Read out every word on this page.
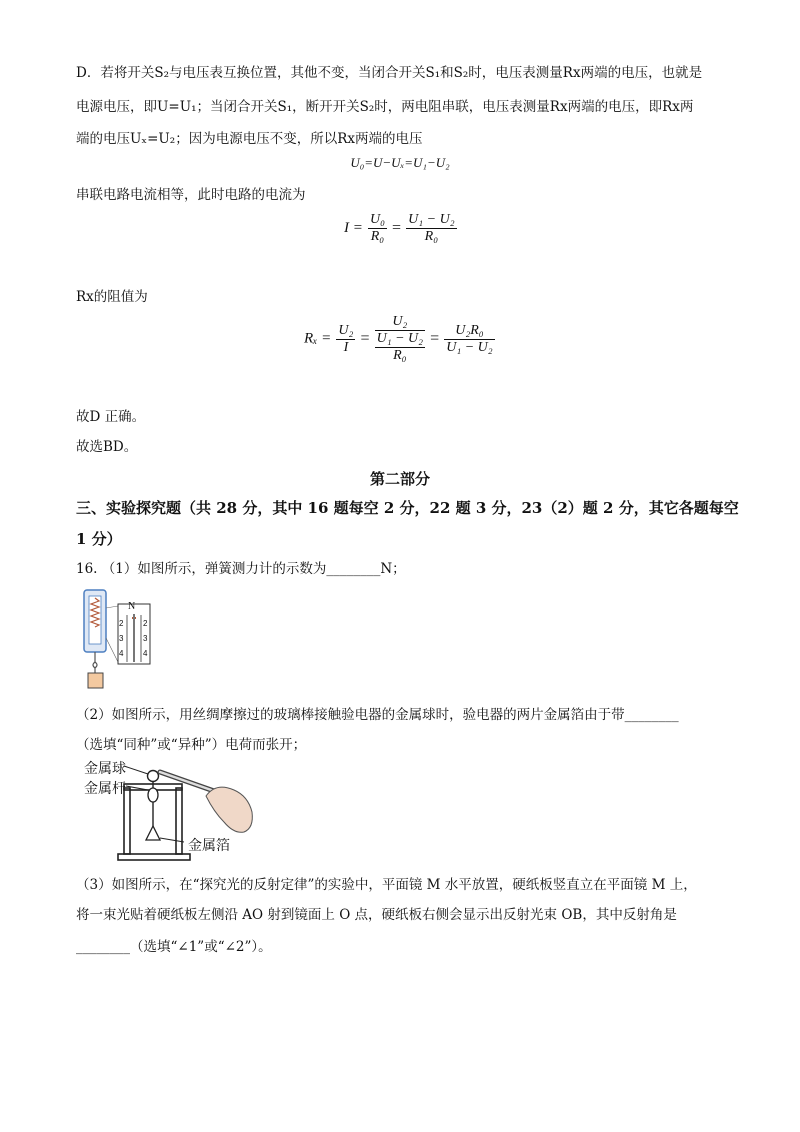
D．若将开关S₂与电压表互换位置，其他不变，当闭合开关S₁和S₂时，电压表测量Rx两端的电压，也就是
电源电压，即U=U₁；当闭合开关S₁，断开开关S₂时，两电阻串联，电压表测量Rx两端的电压，即Rx两
端的电压Uₓ=U₂；因为电源电压不变，所以Rx两端的电压
U₀=U−Uₓ=U₁−U₂
串联电路电流相等，此时电路的电流为
$I = \frac{\text{U₀}}{\text{R₀}} = \frac{\text{U₁ − U₂}}{\text{R₀}}$
Rx的阻值为
$R_x = \frac{\text{U₂}}{I} = U_2$
U₁ − U₂
$R_0 = \frac{\text{U₂R₀}}{\text{U₁ − U₂}}$
故D 正确。
故选BD。
第二部分
三、实验探究题（共 28 分，其中 16 题每空 2 分，22 题 3 分，23（2）题 2 分，其它各题每空
1 分）
16. （1）如图所示，弹簧测力计的示数为________N；
N
2
3
4
2
3
4
（2）如图所示，用丝绸摩擦过的玻璃棒接触验电器的金属球时，验电器的两片金属箔由于带________
（选填“同种”或“异种”）电荷而张开；
金属球
金属杆
金属箔
（3）如图所示，在“探究光的反射定律”的实验中，平面镜 M 水平放置，硬纸板竖直立在平面镜 M 上，
将一束光贴着硬纸板左侧沿 AO 射到镜面上 O 点，硬纸板右侧会显示出反射光束 OB，其中反射角是
________（选填“∠1”或“∠2”）。
